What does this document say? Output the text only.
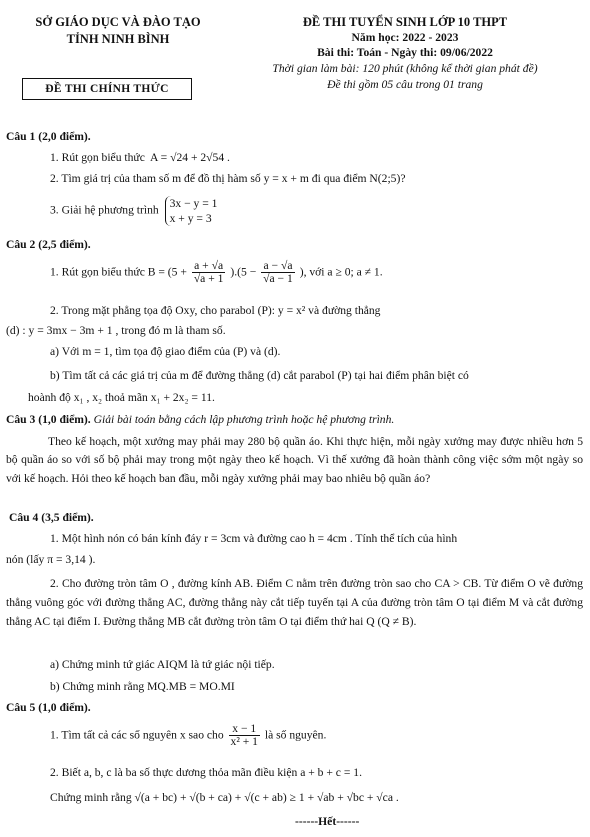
SỞ GIÁO DỤC VÀ ĐÀO TẠO
TỈNH NINH BÌNH
ĐỀ THI CHÍNH THỨC
ĐỀ THI TUYỂN SINH LỚP 10 THPT
Năm học: 2022 - 2023
Bài thi: Toán - Ngày thi: 09/06/2022
Thời gian làm bài: 120 phút (không kể thời gian phát đề)
Đề thi gồm 05 câu trong 01 trang
Câu 1 (2,0 điểm).
1. Rút gọn biểu thức A = √24 + 2√54 .
2. Tìm giá trị của tham số m để đồ thị hàm số y = x + m đi qua điểm N(2;5)?
3. Giải hệ phương trình
3x − y = 1
x + y = 3
Câu 2 (2,5 điểm).
1. Rút gọn biểu thức $B = (5 + \frac{a + √a}{√a + 1} ).(5 - \frac{a - √a}{√a - 1}$ ), với a ≥ 0; a ≠ 1.
2. Trong mặt phẳng tọa độ Oxy, cho parabol (P): y = x² và đường thẳng
(d) : y = 3mx − 3m + 1 , trong đó m là tham số.
a) Với m = 1, tìm tọa độ giao điểm của (P) và (d).
b) Tìm tất cả các giá trị của m để đường thẳng (d) cắt parabol (P) tại hai điểm phân biệt có
hoành độ x₁ , x₂ thoả mãn x₁ + 2x₂ = 11.
Câu 3 (1,0 điểm). Giải bài toán bằng cách lập phương trình hoặc hệ phương trình.
Theo kế hoạch, một xưởng may phải may 280 bộ quần áo. Khi thực hiện, mỗi ngày xưởng may được nhiều hơn 5 bộ quần áo so với số bộ phải may trong một ngày theo kế hoạch. Vì thế xưởng đã hoàn thành công việc sớm một ngày so với kế hoạch. Hỏi theo kế hoạch ban đầu, mỗi ngày xưởng phải may bao nhiêu bộ quần áo?
Câu 4 (3,5 điểm).
1. Một hình nón có bán kính đáy r = 3cm và đường cao h = 4cm . Tính thể tích của hình
nón (lấy π = 3,14 ).
2. Cho đường tròn tâm O , đường kính AB. Điểm C nằm trên đường tròn sao cho CA > CB. Từ điểm O vẽ đường thẳng vuông góc với đường thẳng AC, đường thẳng này cắt tiếp tuyến tại A của đường tròn tâm O tại điểm M và cắt đường thẳng AC tại điểm I. Đường thẳng MB cắt đường tròn tâm O tại điểm thứ hai Q (Q ≠ B).
a) Chứng minh tứ giác AIQM là tứ giác nội tiếp.
b) Chứng minh rằng MQ.MB = MO.MI
Câu 5 (1,0 điểm).
1. Tìm tất cả các số nguyên x sao cho $\frac{x - 1}{\text{x² + 1}}$ là số nguyên.
2. Biết a, b, c là ba số thực dương thỏa mãn điều kiện a + b + c = 1.
Chứng minh rằng √(a + bc) + √(b + ca) + √(c + ab) ≥ 1 + √ab + √bc + √ca .
------Hết------
